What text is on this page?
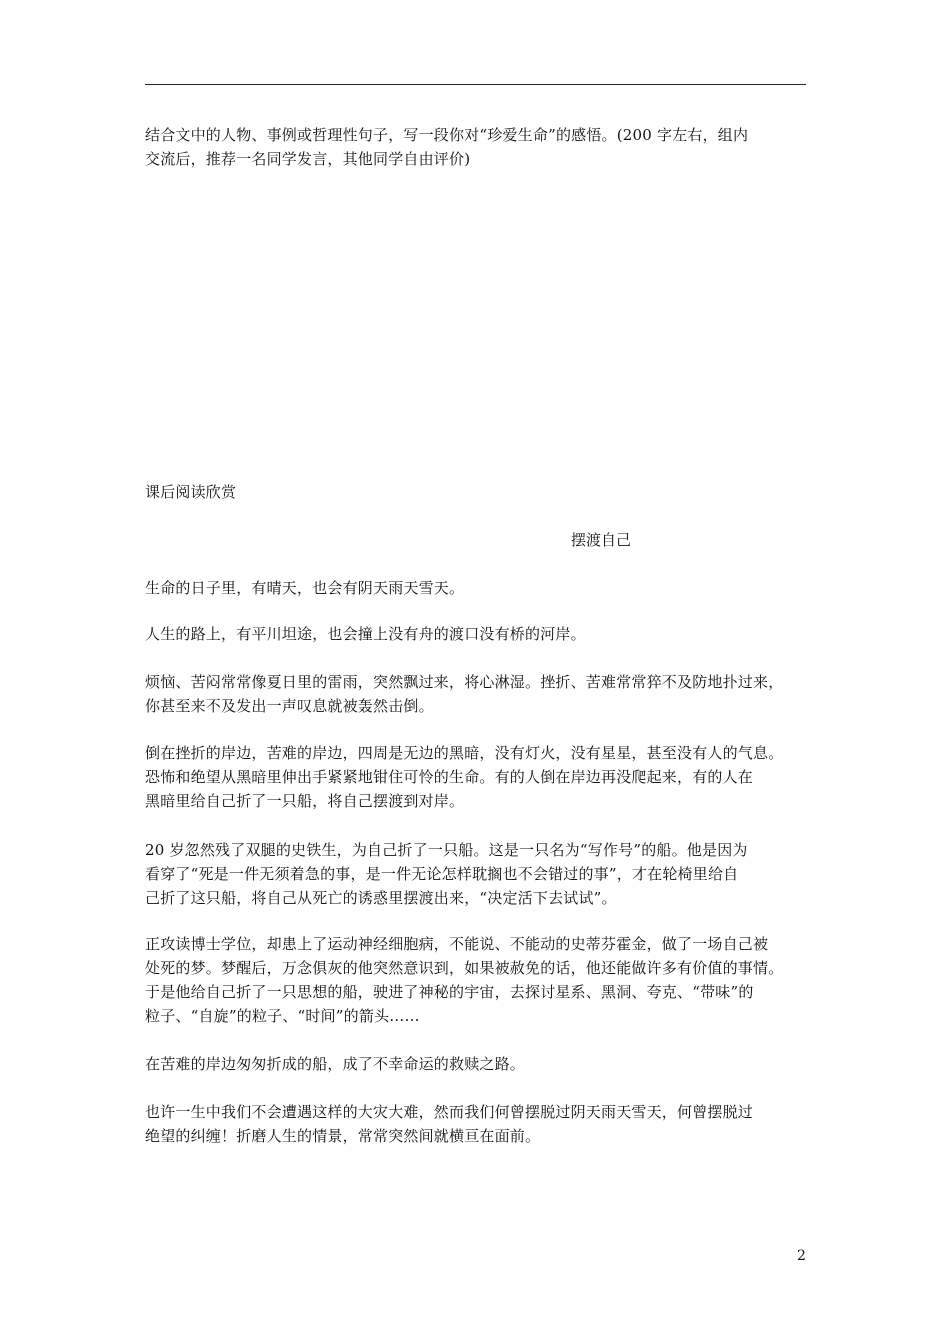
结合文中的人物、事例或哲理性句子，写一段你对“珍爱生命”的感悟。(200 字左右，组内
交流后，推荐一名同学发言，其他同学自由评价)
课后阅读欣赏
摆渡自己
生命的日子里，有晴天，也会有阴天雨天雪天。
人生的路上，有平川坦途，也会撞上没有舟的渡口没有桥的河岸。
烦恼、苦闷常常像夏日里的雷雨，突然飘过来，将心淋湿。挫折、苦难常常猝不及防地扑过来，
你甚至来不及发出一声叹息就被轰然击倒。
倒在挫折的岸边，苦难的岸边，四周是无边的黑暗，没有灯火，没有星星，甚至没有人的气息。
恐怖和绝望从黑暗里伸出手紧紧地钳住可怜的生命。有的人倒在岸边再没爬起来，有的人在
黑暗里给自己折了一只船，将自己摆渡到对岸。
20 岁忽然残了双腿的史铁生，为自己折了一只船。这是一只名为“写作号”的船。他是因为
看穿了“死是一件无须着急的事，是一件无论怎样耽搁也不会错过的事”，才在轮椅里给自
己折了这只船，将自己从死亡的诱惑里摆渡出来，“决定活下去试试”。
正攻读博士学位，却患上了运动神经细胞病，不能说、不能动的史蒂芬霍金，做了一场自己被
处死的梦。梦醒后，万念俱灰的他突然意识到，如果被赦免的话，他还能做许多有价值的事情。
于是他给自己折了一只思想的船，驶进了神秘的宇宙，去探讨星系、黑洞、夸克、“带味”的
粒子、“自旋”的粒子、“时间”的箭头……
在苦难的岸边匆匆折成的船，成了不幸命运的救赎之路。
也许一生中我们不会遭遇这样的大灾大难，然而我们何曾摆脱过阴天雨天雪天，何曾摆脱过
绝望的纠缠！折磨人生的情景，常常突然间就横亘在面前。
2
